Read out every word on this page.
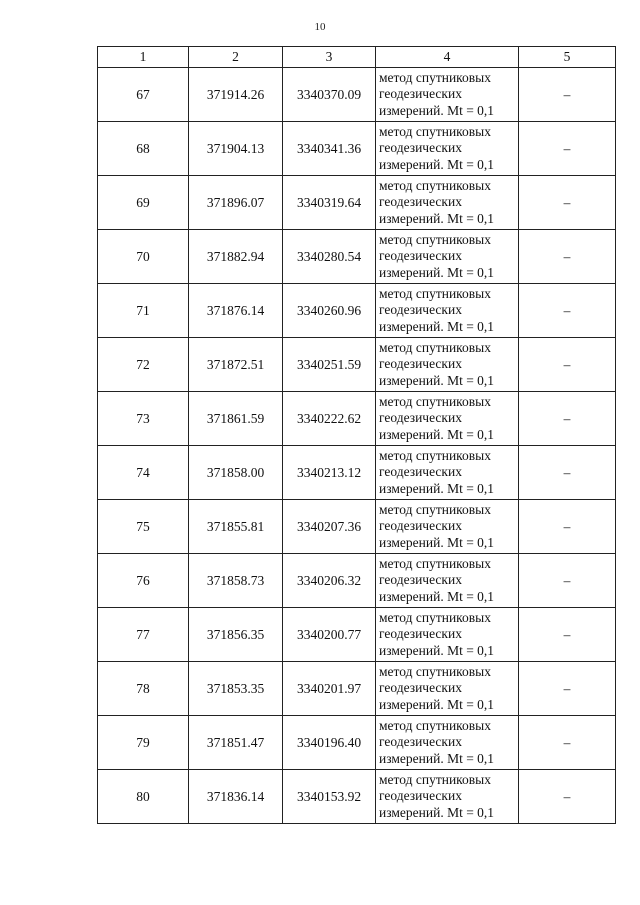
10
1	2	3	4	5
67	371914.26	3340370.09	метод спутниковых
геодезических
измерений. Mt = 0,1	–
68	371904.13	3340341.36	метод спутниковых
геодезических
измерений. Mt = 0,1	–
69	371896.07	3340319.64	метод спутниковых
геодезических
измерений. Mt = 0,1	–
70	371882.94	3340280.54	метод спутниковых
геодезических
измерений. Mt = 0,1	–
71	371876.14	3340260.96	метод спутниковых
геодезических
измерений. Mt = 0,1	–
72	371872.51	3340251.59	метод спутниковых
геодезических
измерений. Mt = 0,1	–
73	371861.59	3340222.62	метод спутниковых
геодезических
измерений. Mt = 0,1	–
74	371858.00	3340213.12	метод спутниковых
геодезических
измерений. Mt = 0,1	–
75	371855.81	3340207.36	метод спутниковых
геодезических
измерений. Mt = 0,1	–
76	371858.73	3340206.32	метод спутниковых
геодезических
измерений. Mt = 0,1	–
77	371856.35	3340200.77	метод спутниковых
геодезических
измерений. Mt = 0,1	–
78	371853.35	3340201.97	метод спутниковых
геодезических
измерений. Mt = 0,1	–
79	371851.47	3340196.40	метод спутниковых
геодезических
измерений. Mt = 0,1	–
80	371836.14	3340153.92	метод спутниковых
геодезических
измерений. Mt = 0,1	–
